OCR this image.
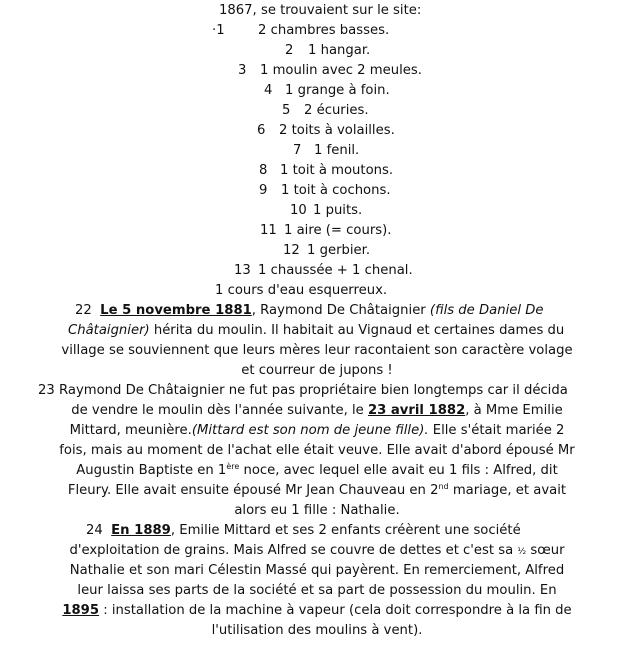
1867, se trouvaient sur le site:
·1	2 chambres basses.
2 1 hangar.
3 1 moulin avec 2 meules.
4 1 grange à foin.
5 2 écuries.
6 2 toits à volailles.
7 1 fenil.
8 1 toit à moutons.
9 1 toit à cochons.
10 1 puits.
11 1 aire (= cours).
12 1 gerbier.
13 1 chaussée + 1 chenal.
1 cours d'eau esquerreux.
22 Le 5 novembre 1881, Raymond De Châtaignier (fils de Daniel De
Châtaignier) hérita du moulin. Il habitait au Vignaud et certaines dames du
village se souviennent que leurs mères leur racontaient son caractère volage
et courreur de jupons !
23 Raymond De Châtaignier ne fut pas propriétaire bien longtemps car il décida
de vendre le moulin dès l'année suivante, le 23 avril 1882, à Mme Emilie
Mittard, meunière.(Mittard est son nom de jeune fille). Elle s'était mariée 2
fois, mais au moment de l'achat elle était veuve. Elle avait d'abord épousé Mr
Augustin Baptiste en 1ère noce, avec lequel elle avait eu 1 fils : Alfred, dit
Fleury. Elle avait ensuite épousé Mr Jean Chauveau en 2nd mariage, et avait
alors eu 1 fille : Nathalie.
24 En 1889, Emilie Mittard et ses 2 enfants créèrent une société
d'exploitation de grains. Mais Alfred se couvre de dettes et c'est sa ½ sœur
Nathalie et son mari Célestin Massé qui payèrent. En remerciement, Alfred
leur laissa ses parts de la société et sa part de possession du moulin. En
1895 : installation de la machine à vapeur (cela doit correspondre à la fin de
l'utilisation des moulins à vent).
